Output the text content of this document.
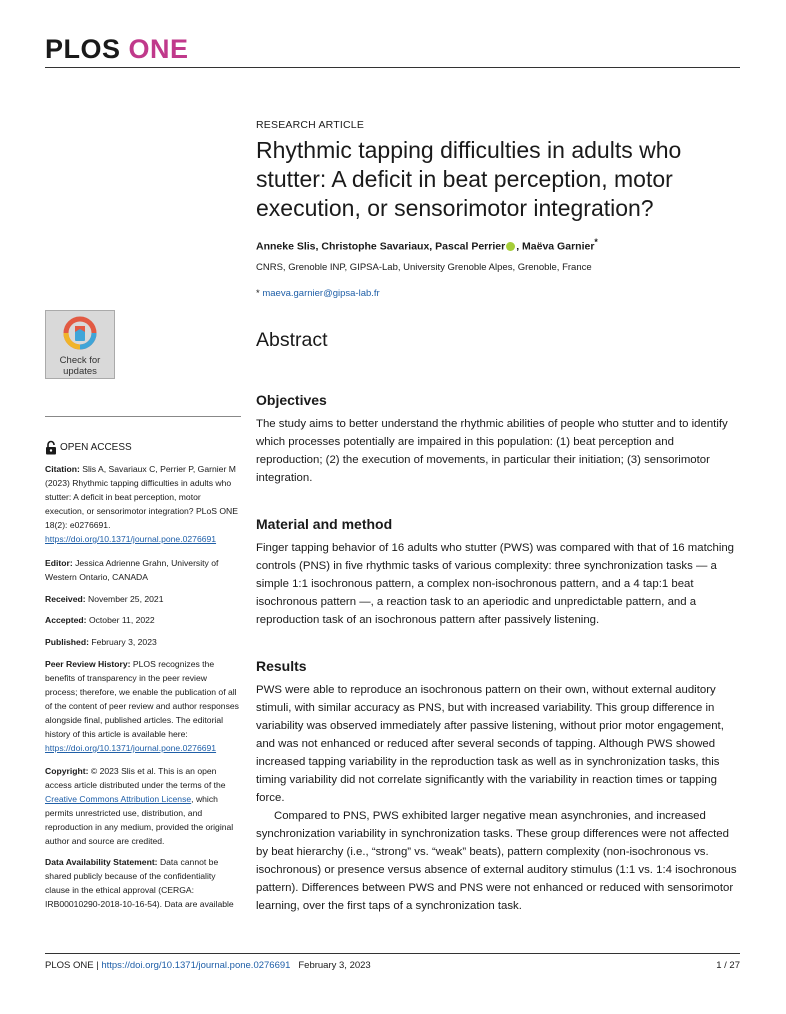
PLOS ONE
RESEARCH ARTICLE
Rhythmic tapping difficulties in adults who stutter: A deficit in beat perception, motor execution, or sensorimotor integration?
Anneke Slis, Christophe Savariaux, Pascal Perrier , Maëva Garnier*
CNRS, Grenoble INP, GIPSA-Lab, University Grenoble Alpes, Grenoble, France
* maeva.garnier@gipsa-lab.fr
Abstract
Objectives

The study aims to better understand the rhythmic abilities of people who stutter and to identify which processes potentially are impaired in this population: (1) beat perception and reproduction; (2) the execution of movements, in particular their initiation; (3) sensorimotor integration.

Material and method

Finger tapping behavior of 16 adults who stutter (PWS) was compared with that of 16 matching controls (PNS) in five rhythmic tasks of various complexity: three synchronization tasks — a simple 1:1 isochronous pattern, a complex non-isochronous pattern, and a 4 tap:1 beat isochronous pattern —, a reaction task to an aperiodic and unpredictable pattern, and a reproduction task of an isochronous pattern after passively listening.

Results

PWS were able to reproduce an isochronous pattern on their own, without external auditory stimuli, with similar accuracy as PNS, but with increased variability. This group difference in variability was observed immediately after passive listening, without prior motor engagement, and was not enhanced or reduced after several seconds of tapping. Although PWS showed increased tapping variability in the reproduction task as well as in synchronization tasks, this timing variability did not correlate significantly with the variability in reaction times or tapping force.

Compared to PNS, PWS exhibited larger negative mean asynchronies, and increased synchronization variability in synchronization tasks. These group differences were not affected by beat hierarchy (i.e., “strong” vs. “weak” beats), pattern complexity (non-isochronous vs. isochronous) or presence versus absence of external auditory stimulus (1:1 vs. 1:4 isochronous pattern). Differences between PWS and PNS were not enhanced or reduced with sensorimotor learning, over the first taps of a synchronization task.

Check for
updates
OPEN ACCESS
Citation: Slis A, Savariaux C, Perrier P, Garnier M (2023) Rhythmic tapping difficulties in adults who stutter: A deficit in beat perception, motor execution, or sensorimotor integration? PLoS ONE 18(2): e0276691. https://doi.org/10.1371/journal.pone.0276691
Editor: Jessica Adrienne Grahn, University of Western Ontario, CANADA
Received: November 25, 2021
Accepted: October 11, 2022
Published: February 3, 2023
Peer Review History: PLOS recognizes the benefits of transparency in the peer review process; therefore, we enable the publication of all of the content of peer review and author responses alongside final, published articles. The editorial history of this article is available here: https://doi.org/10.1371/journal.pone.0276691
Copyright: © 2023 Slis et al. This is an open access article distributed under the terms of the Creative Commons Attribution License, which permits unrestricted use, distribution, and reproduction in any medium, provided the original author and source are credited.
Data Availability Statement: Data cannot be shared publicly because of the confidentiality clause in the ethical approval (CERGA: IRB00010290-2018-10-16-54). Data are available
PLOS ONE | https://doi.org/10.1371/journal.pone.0276691 February 3, 2023	1 / 27
